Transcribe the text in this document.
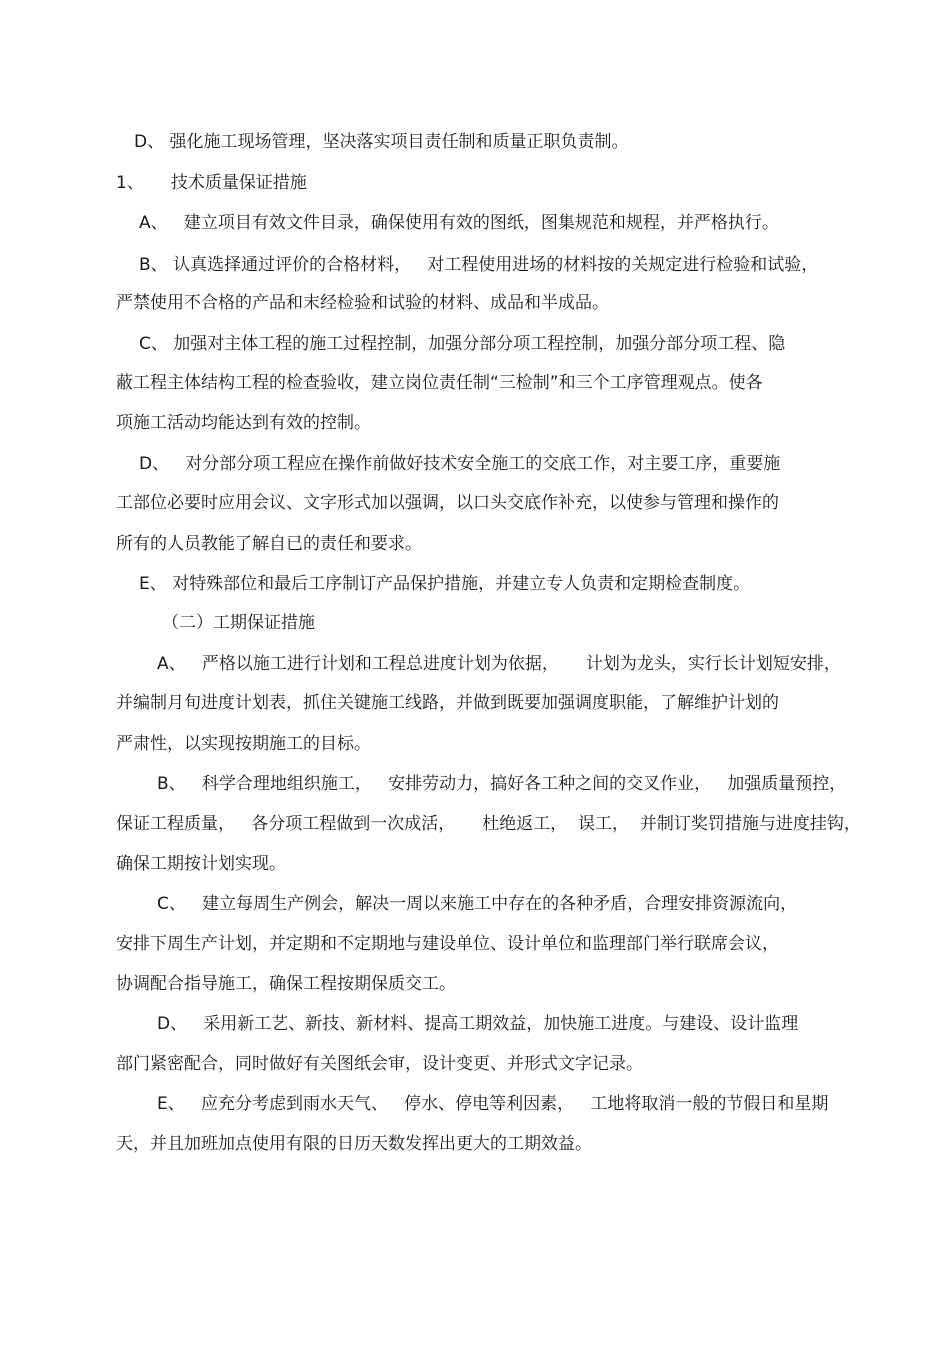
D、 强化施工现场管理，坚决落实项目责任制和质量正职负责制。
1、     技术质量保证措施
A、   建立项目有效文件目录，确保使用有效的图纸，图集规范和规程，并严格执行。
B、 认真选择通过评价的合格材料，   对工程使用进场的材料按的关规定进行检验和试验，
严禁使用不合格的产品和末经检验和试验的材料、成品和半成品。
C、 加强对主体工程的施工过程控制，加强分部分项工程控制，加强分部分项工程、隐
蔽工程主体结构工程的检查验收，建立岗位责任制“三检制”和三个工序管理观点。使各
项施工活动均能达到有效的控制。
D、   对分部分项工程应在操作前做好技术安全施工的交底工作，对主要工序，重要施
工部位必要时应用会议、文字形式加以强调，以口头交底作补充，以使参与管理和操作的
所有的人员教能了解自已的责任和要求。
E、 对特殊部位和最后工序制订产品保护措施，并建立专人负责和定期检查制度。
（二）工期保证措施
A、   严格以施工进行计划和工程总进度计划为依据，     计划为龙头，实行长计划短安排，
并编制月旬进度计划表，抓住关键施工线路，并做到既要加强调度职能，了解维护计划的
严肃性，以实现按期施工的目标。
B、   科学合理地组织施工，   安排劳动力，搞好各工种之间的交叉作业，   加强质量预控，
保证工程质量，   各分项工程做到一次成活，     杜绝返工，  误工，  并制订奖罚措施与进度挂钩，
确保工期按计划实现。
C、   建立每周生产例会，解决一周以来施工中存在的各种矛盾，合理安排资源流向，
安排下周生产计划，并定期和不定期地与建设单位、设计单位和监理部门举行联席会议，
协调配合指导施工，确保工程按期保质交工。
D、   采用新工艺、新技、新材料、提高工期效益，加快施工进度。与建设、设计监理
部门紧密配合，同时做好有关图纸会审，设计变更、并形式文字记录。
E、   应充分考虑到雨水天气、   停水、停电等利因素，   工地将取消一般的节假日和星期
天，并且加班加点使用有限的日历天数发挥出更大的工期效益。
